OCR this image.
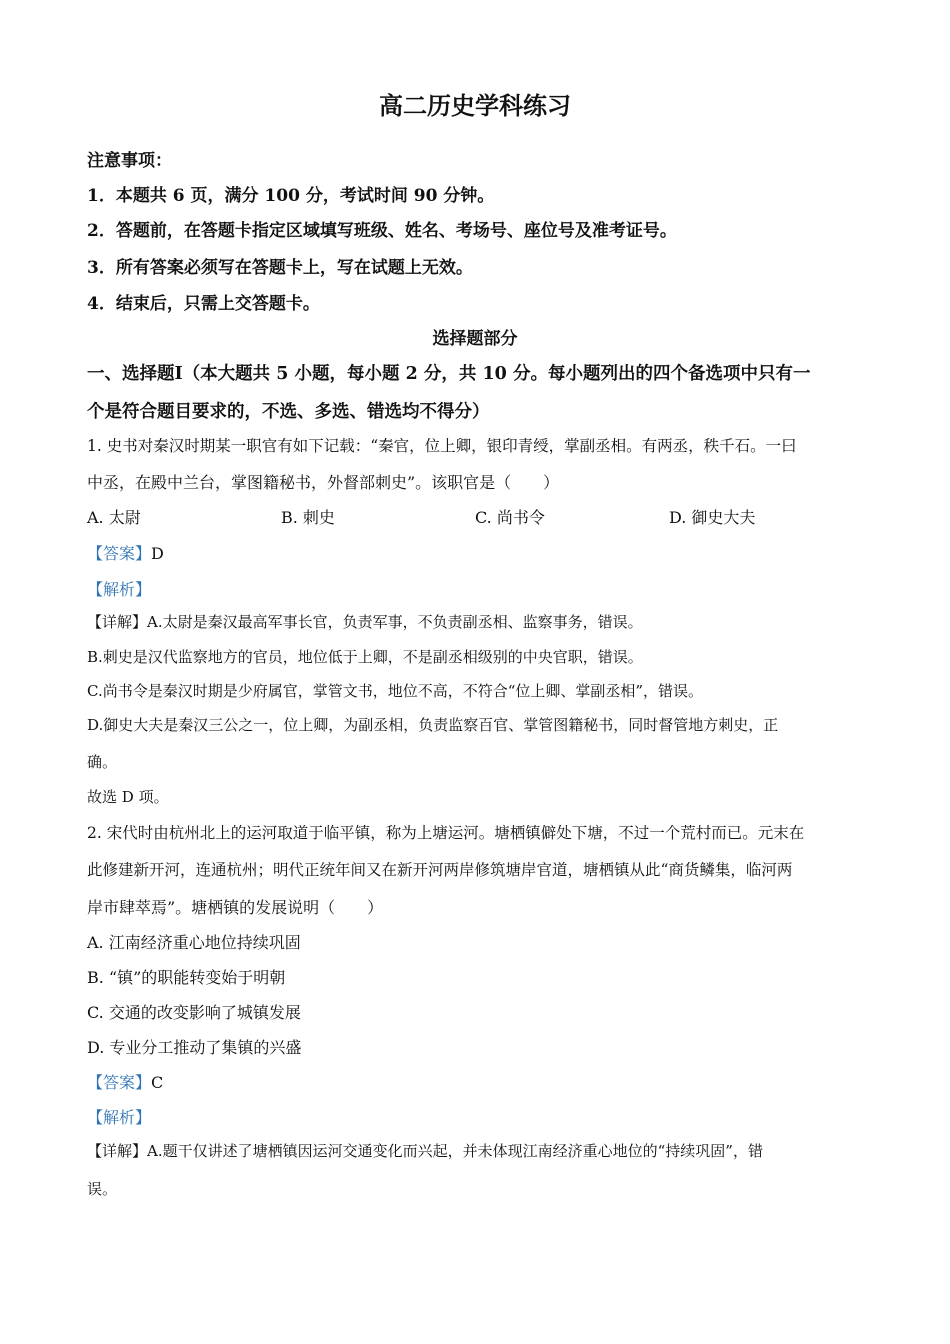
高二历史学科练习
注意事项：
1．本题共 6 页，满分 100 分，考试时间 90 分钟。
2．答题前，在答题卡指定区域填写班级、姓名、考场号、座位号及准考证号。
3．所有答案必须写在答题卡上，写在试题上无效。
4．结束后，只需上交答题卡。
选择题部分
一、选择题Ⅰ（本大题共 5 小题，每小题 2 分，共 10 分。每小题列出的四个备选项中只有一
个是符合题目要求的，不选、多选、错选均不得分）
1. 史书对秦汉时期某一职官有如下记载：“秦官，位上卿，银印青绶，掌副丞相。有两丞，秩千石。一曰
中丞，在殿中兰台，掌图籍秘书，外督部刺史”。该职官是（　　）
A. 太尉	B. 刺史	C. 尚书令	D. 御史大夫
【答案】D
【解析】
【详解】A.太尉是秦汉最高军事长官，负责军事，不负责副丞相、监察事务，错误。
B.刺史是汉代监察地方的官员，地位低于上卿，不是副丞相级别的中央官职，错误。
C.尚书令是秦汉时期是少府属官，掌管文书，地位不高，不符合“位上卿、掌副丞相”，错误。
D.御史大夫是秦汉三公之一，位上卿，为副丞相，负责监察百官、掌管图籍秘书，同时督管地方刺史，正
确。
故选 D 项。
2. 宋代时由杭州北上的运河取道于临平镇，称为上塘运河。塘栖镇僻处下塘，不过一个荒村而已。元末在
此修建新开河，连通杭州；明代正统年间又在新开河两岸修筑塘岸官道，塘栖镇从此“商货鳞集，临河两
岸市肆萃焉”。塘栖镇的发展说明（　　）
A. 江南经济重心地位持续巩固
B. “镇”的职能转变始于明朝
C. 交通的改变影响了城镇发展
D. 专业分工推动了集镇的兴盛
【答案】C
【解析】
【详解】A.题干仅讲述了塘栖镇因运河交通变化而兴起，并未体现江南经济重心地位的“持续巩固”，错
误。
